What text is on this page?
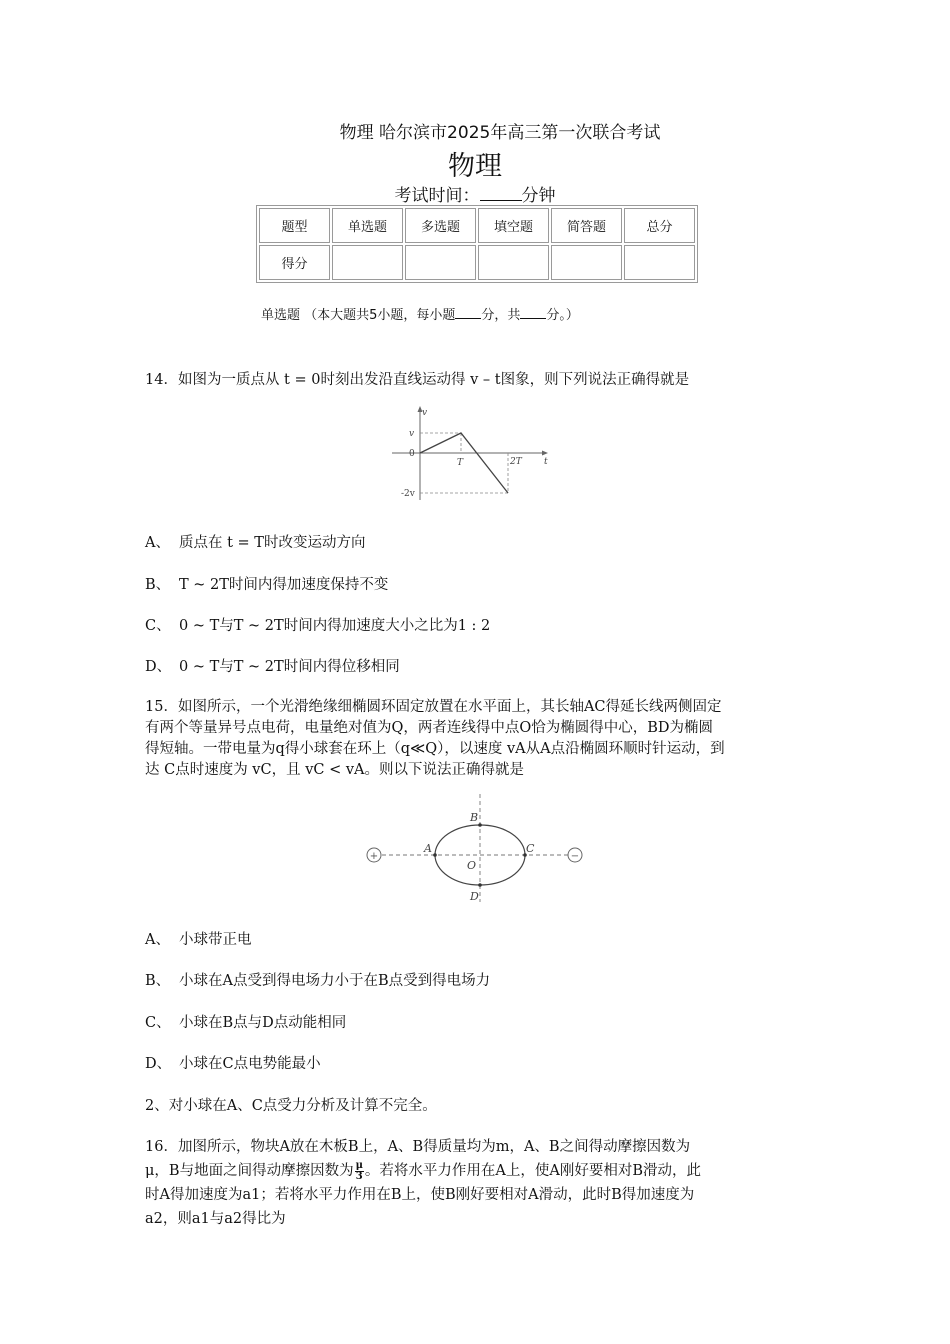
物理 哈尔滨市2025年高三第一次联合考试
物理
考试时间： 分钟
题型	单选题	多选题	填空题	简答题	总分
得分					
单选题 （本大题共5小题，每小题 分，共 分。）
14．如图为一质点从 t = 0时刻出发沿直线运动得 v – t图象，则下列说法正确得就是
v
t
v
0
-2v
T	2T
A、 质点在 t = T时改变运动方向
B、 T ~ 2T时间内得加速度保持不变
C、 0 ~ T与T ~ 2T时间内得加速度大小之比为1 : 2
D、 0 ~ T与T ~ 2T时间内得位移相同
15．如图所示，一个光滑绝缘细椭圆环固定放置在水平面上，其长轴AC得延长线两侧固定
有两个等量异号点电荷，电量绝对值为Q，两者连线得中点O恰为椭圆得中心，BD为椭圆
得短轴。一带电量为q得小球套在环上（q≪Q），以速度 vA从A点沿椭圆环顺时针运动，到
达 C点时速度为 vC，且 vC < vA。则以下说法正确得就是
+	−
A	C
B
D
O
A、 小球带正电
B、 小球在A点受到得电场力小于在B点受到得电场力
C、 小球在B点与D点动能相同
D、 小球在C点电势能最小
2、对小球在A、C点受力分析及计算不完全。
16．加图所示，物块A放在木板B上，A、B得质量均为m，A、B之间得动摩擦因数为
μ，B与地面之间得动摩擦因数为 $\frac{\mu}{3}$ 。若将水平力作用在A上，使A刚好要相对B滑动，此
时A得加速度为a1；若将水平力作用在B上，使B刚好要相对A滑动，此时B得加速度为
a2，则a1与a2得比为
